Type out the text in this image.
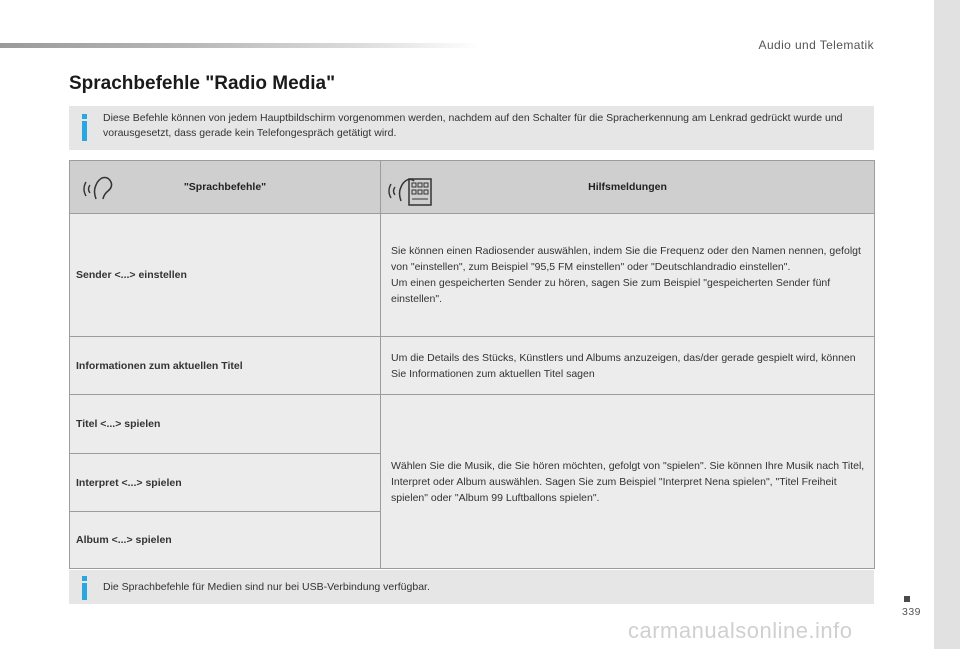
Audio und Telematik
Sprachbefehle "Radio Media"
Diese Befehle können von jedem Hauptbildschirm vorgenommen werden, nachdem auf den Schalter für die Spracherkennung am Lenkrad gedrückt wurde und vorausgesetzt, dass gerade kein Telefongespräch getätigt wird.
"Sprachbefehle"	Hilfsmeldungen

Sender <...> einstellen	Sie können einen Radiosender auswählen, indem Sie die Frequenz oder den Namen nennen, gefolgt von "einstellen", zum Beispiel "95,5 FM einstellen" oder "Deutschlandradio einstellen".
Um einen gespeicherten Sender zu hören, sagen Sie zum Beispiel "gespeicherten Sender fünf einstellen".
Informationen zum aktuellen Titel	Um die Details des Stücks, Künstlers und Albums anzuzeigen, das/der gerade gespielt wird, können Sie Informationen zum aktuellen Titel sagen
Titel <...> spielen	Wählen Sie die Musik, die Sie hören möchten, gefolgt von "spielen". Sie können Ihre Musik nach Titel, Interpret oder Album auswählen. Sagen Sie zum Beispiel "Interpret Nena spielen", "Titel Freiheit spielen" oder "Album 99 Luftballons spielen".
Interpret <...> spielen	
Album <...> spielen	
Die Sprachbefehle für Medien sind nur bei USB-Verbindung verfügbar.
339
carmanualsonline.info
